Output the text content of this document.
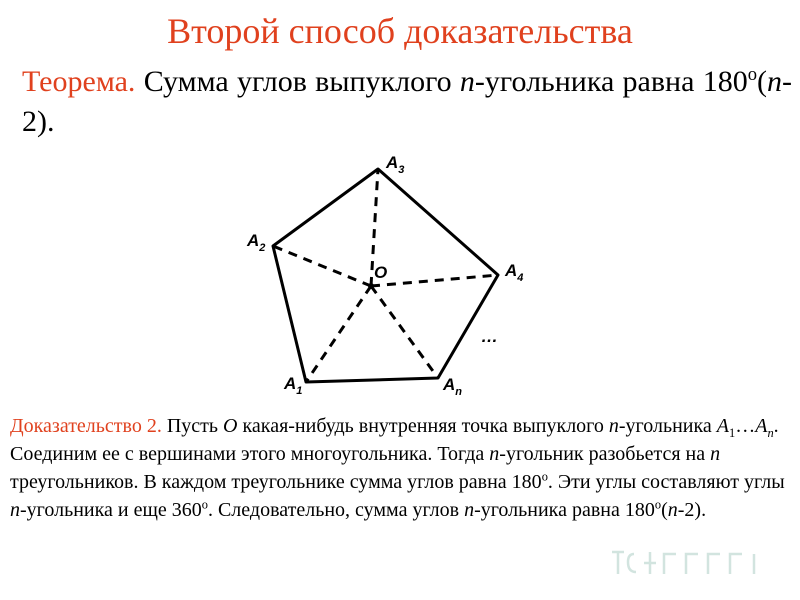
Второй способ доказательства
Теорема. Сумма углов выпуклого n-угольника равна 180$^o$(n-2).
$A_3$
$A_2$
$A_4$
$A_1$	$A_n$
O
…
Доказательство 2. Пусть O какая-нибудь внутренняя точка выпуклого n-угольника $A_1\dots A_n$. Соединим ее с вершинами этого многоугольника. Тогда n-угольник разобьется на n треугольников. В каждом треугольнике сумма углов равна 180$^o$. Эти углы составляют углы n-угольника и еще 360$^o$. Следовательно, сумма углов n-угольника равна 180$^o$(n-2).
